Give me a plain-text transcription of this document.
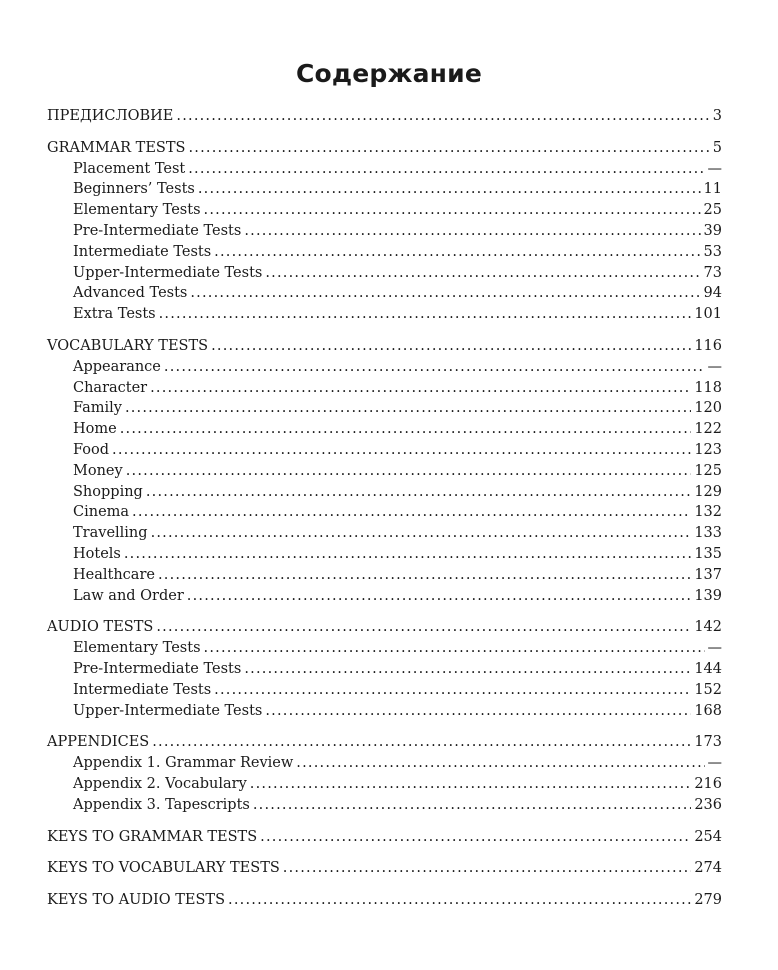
Содержание
ПРЕДИСЛОВИЕ .....	3
GRAMMAR TESTS .....	5
Placement Test .....	—
Beginners’ Tests .....	11
Elementary Tests .....	25
Pre-Intermediate Tests .....	39
Intermediate Tests .....	53
Upper-Intermediate Tests .....	73
Advanced Tests .....	94
Extra Tests .....	101
VOCABULARY TESTS .....	116
Appearance .....	—
Character .....	118
Family .....	120
Home .....	122
Food .....	123
Money .....	125
Shopping .....	129
Cinema .....	132
Travelling .....	133
Hotels .....	135
Healthcare .....	137
Law and Order .....	139
AUDIO TESTS .....	142
Elementary Tests .....	—
Pre-Intermediate Tests .....	144
Intermediate Tests .....	152
Upper-Intermediate Tests .....	168
APPENDICES .....	173
Appendix 1. Grammar Review .....	—
Appendix 2. Vocabulary .....	216
Appendix 3. Tapescripts .....	236
KEYS TO GRAMMAR TESTS .....	254
KEYS TO VOCABULARY TESTS .....	274
KEYS TO AUDIO TESTS .....	279
